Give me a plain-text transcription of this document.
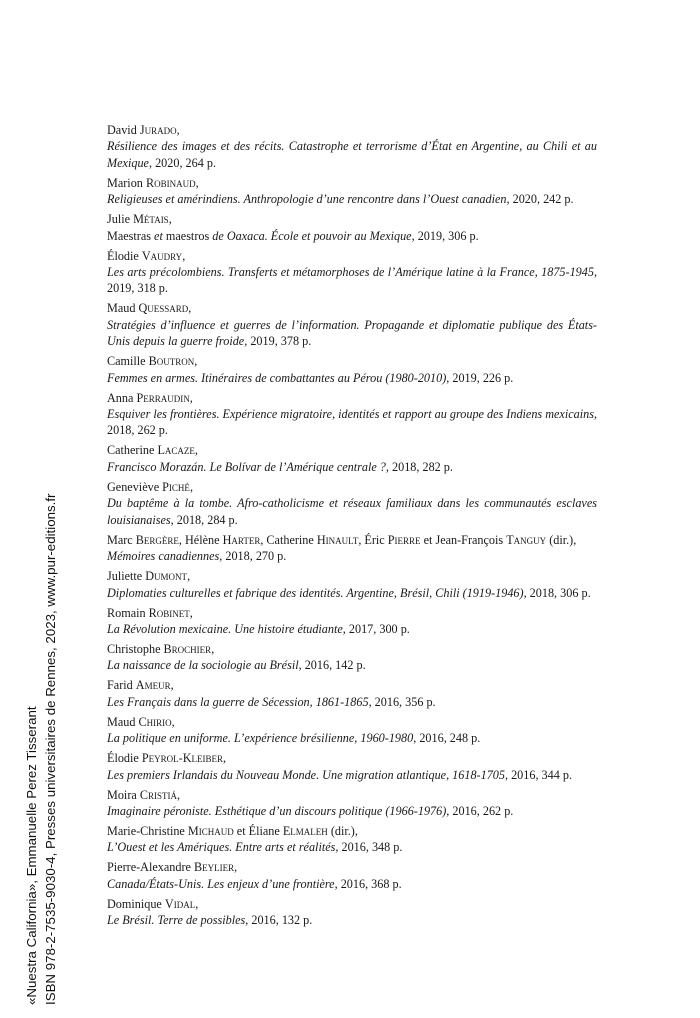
«Nuestra California», Emmanuelle Perez Tisserant ISBN 978-2-7535-9030-4, Presses universitaires de Rennes, 2023, www.pur-editions.fr
David Jurado,
Résilience des images et des récits. Catastrophe et terrorisme d’État en Argentine, au Chili et au Mexique, 2020, 264 p.
Marion Robinaud,
Religieuses et amérindiens. Anthropologie d’une rencontre dans l’Ouest canadien, 2020, 242 p.
Julie Métais,
Maestras et maestros de Oaxaca. École et pouvoir au Mexique, 2019, 306 p.
Élodie Vaudry,
Les arts précolombiens. Transferts et métamorphoses de l’Amérique latine à la France, 1875-1945, 2019, 318 p.
Maud Quessard,
Stratégies d’influence et guerres de l’information. Propagande et diplomatie publique des États-Unis depuis la guerre froide, 2019, 378 p.
Camille Boutron,
Femmes en armes. Itinéraires de combattantes au Pérou (1980-2010), 2019, 226 p.
Anna Perraudin,
Esquiver les frontières. Expérience migratoire, identités et rapport au groupe des Indiens mexicains, 2018, 262 p.
Catherine Lacaze,
Francisco Morazán. Le Bolívar de l’Amérique centrale ?, 2018, 282 p.
Geneviève Piché,
Du baptême à la tombe. Afro-catholicisme et réseaux familiaux dans les communautés esclaves louisianaises, 2018, 284 p.
Marc Bergère, Hélène Harter, Catherine Hinault, Éric Pierre et Jean-François Tanguy (dir.),
Mémoires canadiennes, 2018, 270 p.
Juliette Dumont,
Diplomaties culturelles et fabrique des identités. Argentine, Brésil, Chili (1919-1946), 2018, 306 p.
Romain Robinet,
La Révolution mexicaine. Une histoire étudiante, 2017, 300 p.
Christophe Brochier,
La naissance de la sociologie au Brésil, 2016, 142 p.
Farid Ameur,
Les Français dans la guerre de Sécession, 1861-1865, 2016, 356 p.
Maud Chirio,
La politique en uniforme. L’expérience brésilienne, 1960-1980, 2016, 248 p.
Élodie Peyrol-Kleiber,
Les premiers Irlandais du Nouveau Monde. Une migration atlantique, 1618-1705, 2016, 344 p.
Moira Cristiá,
Imaginaire péroniste. Esthétique d’un discours politique (1966-1976), 2016, 262 p.
Marie-Christine Michaud et Éliane Elmaleh (dir.),
L’Ouest et les Amériques. Entre arts et réalités, 2016, 348 p.
Pierre-Alexandre Beylier,
Canada/États-Unis. Les enjeux d’une frontière, 2016, 368 p.
Dominique Vidal,
Le Brésil. Terre de possibles, 2016, 132 p.
